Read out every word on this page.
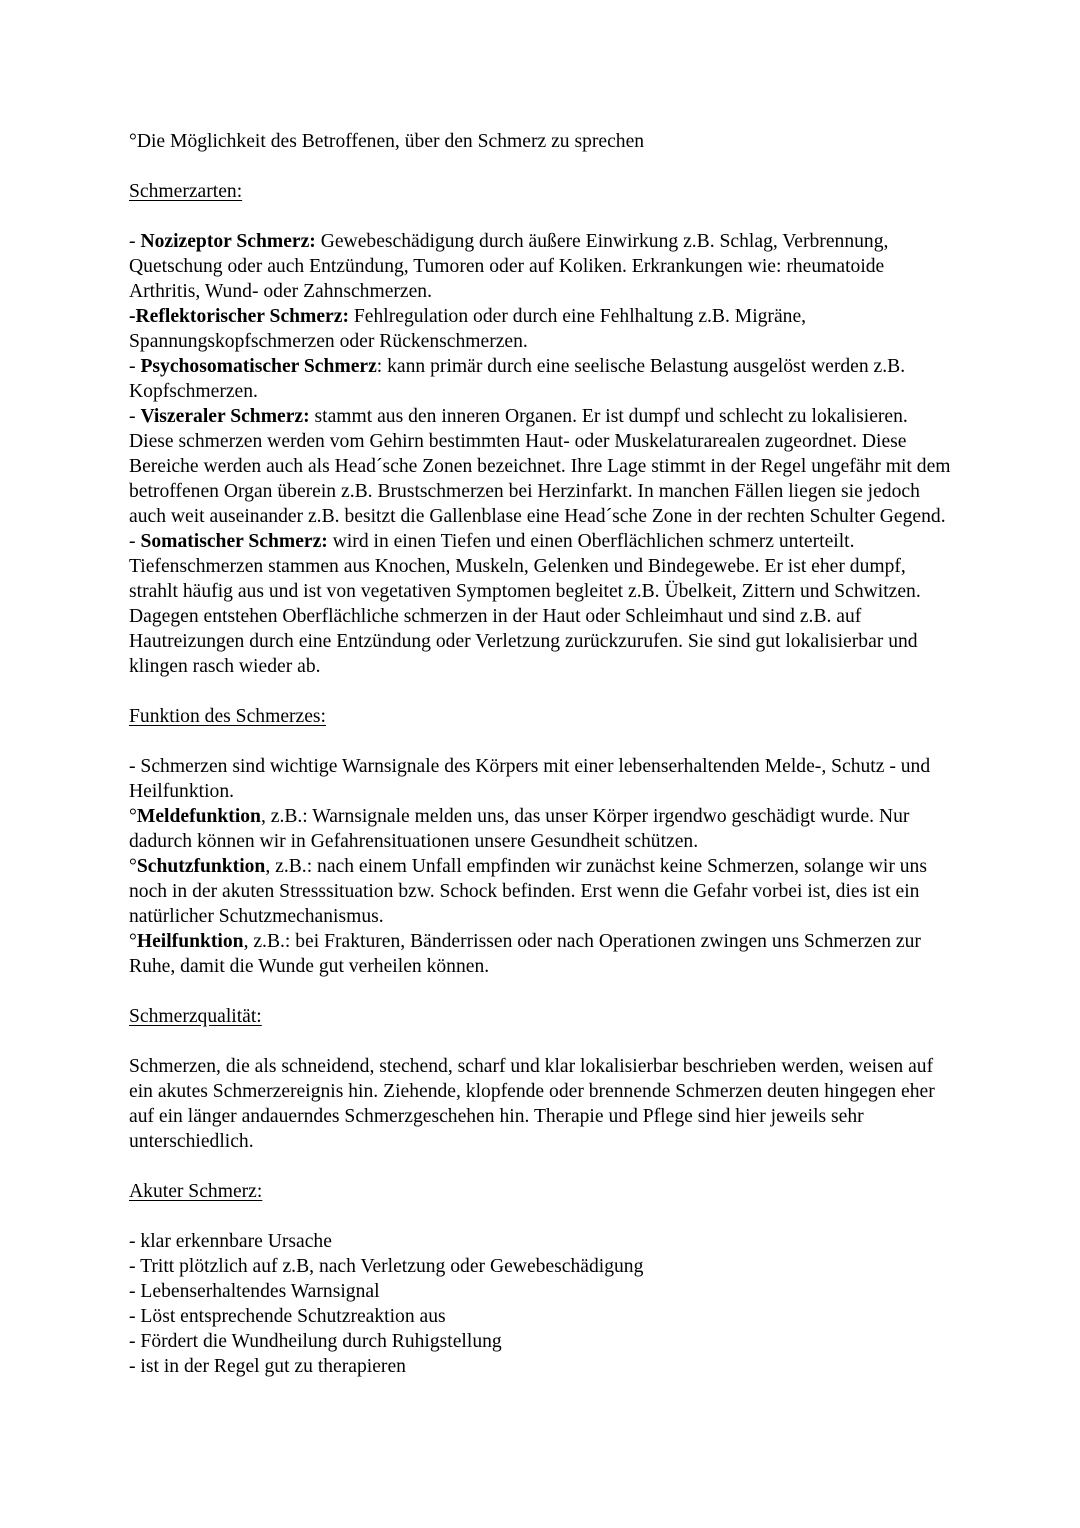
°Die Möglichkeit des Betroffenen, über den Schmerz zu sprechen

Schmerzarten:

- Nozizeptor Schmerz: Gewebeschädigung durch äußere Einwirkung z.B. Schlag, Verbrennung, Quetschung oder auch Entzündung, Tumoren oder auf Koliken. Erkrankungen wie: rheumatoide Arthritis, Wund- oder Zahnschmerzen.

-Reflektorischer Schmerz: Fehlregulation oder durch eine Fehlhaltung z.B. Migräne, Spannungskopfschmerzen oder Rückenschmerzen.

- Psychosomatischer Schmerz: kann primär durch eine seelische Belastung ausgelöst werden z.B. Kopfschmerzen.

- Viszeraler Schmerz: stammt aus den inneren Organen. Er ist dumpf und schlecht zu lokalisieren. Diese schmerzen werden vom Gehirn bestimmten Haut- oder Muskelaturarealen zugeordnet. Diese Bereiche werden auch als Head´sche Zonen bezeichnet. Ihre Lage stimmt in der Regel ungefähr mit dem betroffenen Organ überein z.B. Brustschmerzen bei Herzinfarkt. In manchen Fällen liegen sie jedoch auch weit auseinander z.B. besitzt die Gallenblase eine Head´sche Zone in der rechten Schulter Gegend.

- Somatischer Schmerz: wird in einen Tiefen und einen Oberflächlichen schmerz unterteilt. Tiefenschmerzen stammen aus Knochen, Muskeln, Gelenken und Bindegewebe. Er ist eher dumpf, strahlt häufig aus und ist von vegetativen Symptomen begleitet z.B. Übelkeit, Zittern und Schwitzen. Dagegen entstehen Oberflächliche schmerzen in der Haut oder Schleimhaut und sind z.B. auf Hautreizungen durch eine Entzündung oder Verletzung zurückzurufen. Sie sind gut lokalisierbar und klingen rasch wieder ab.

Funktion des Schmerzes:

- Schmerzen sind wichtige Warnsignale des Körpers mit einer lebenserhaltenden Melde-, Schutz - und Heilfunktion.

°Meldefunktion, z.B.: Warnsignale melden uns, das unser Körper irgendwo geschädigt wurde. Nur dadurch können wir in Gefahrensituationen unsere Gesundheit schützen.

°Schutzfunktion, z.B.: nach einem Unfall empfinden wir zunächst keine Schmerzen, solange wir uns noch in der akuten Stresssituation bzw. Schock befinden. Erst wenn die Gefahr vorbei ist, dies ist ein natürlicher Schutzmechanismus.

°Heilfunktion, z.B.: bei Frakturen, Bänderrissen oder nach Operationen zwingen uns Schmerzen zur Ruhe, damit die Wunde gut verheilen können.

Schmerzqualität:

Schmerzen, die als schneidend, stechend, scharf und klar lokalisierbar beschrieben werden, weisen auf ein akutes Schmerzereignis hin. Ziehende, klopfende oder brennende Schmerzen deuten hingegen eher auf ein länger andauerndes Schmerzgeschehen hin. Therapie und Pflege sind hier jeweils sehr unterschiedlich.

Akuter Schmerz:

- klar erkennbare Ursache

- Tritt plötzlich auf z.B, nach Verletzung oder Gewebeschädigung

- Lebenserhaltendes Warnsignal

- Löst entsprechende Schutzreaktion aus

- Fördert die Wundheilung durch Ruhigstellung

- ist in der Regel gut zu therapieren
